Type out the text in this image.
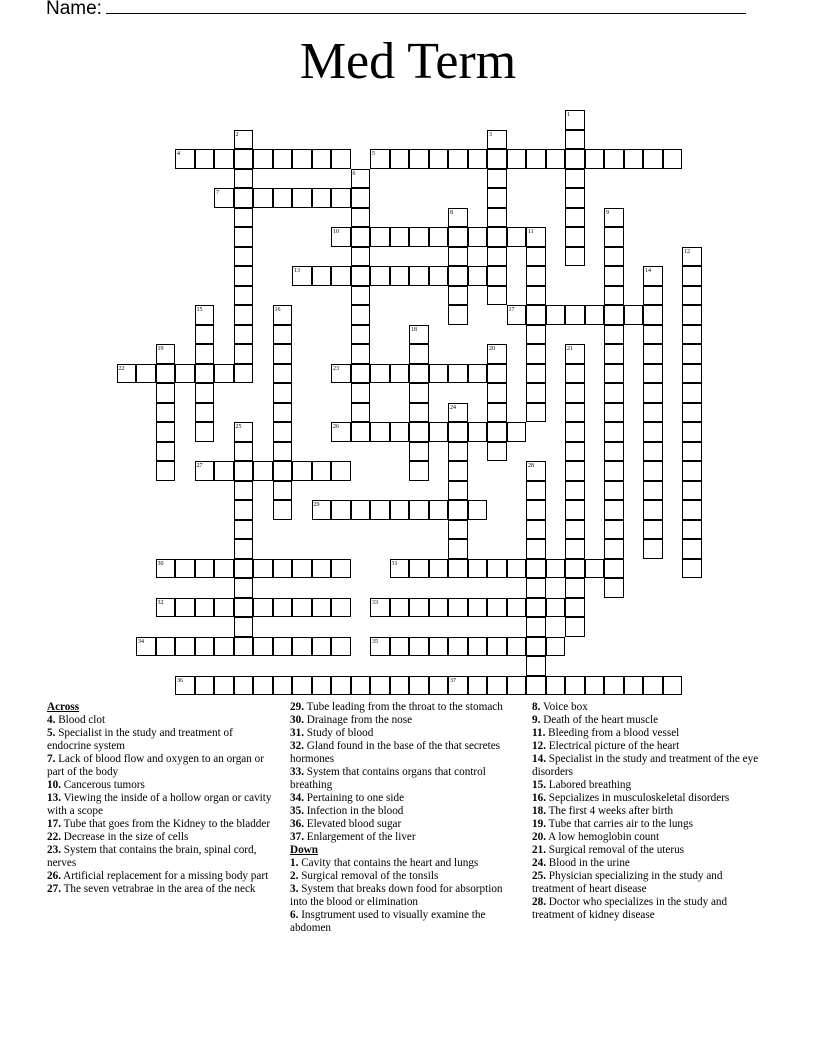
Name:
Med Term
1
2	3
4	5
6
7
8	9
10	11
12
13	14
15	16	17
18
19	20	21
22	23
24
25	26
27	28
29
30	31
32	33
34	35
36	37

Across

4. Blood clot

5. Specialist in the study and treatment of endocrine system

7. Lack of blood flow and oxygen to an organ or part of the body

10. Cancerous tumors

13. Viewing the inside of a hollow organ or cavity with a scope

17. Tube that goes from the Kidney to the bladder

22. Decrease in the size of cells

23. System that contains the brain, spinal cord, nerves

26. Artificial replacement for a missing body part

27. The seven vetrabrae in the area of the neck

29. Tube leading from the throat to the stomach

30. Drainage from the nose

31. Study of blood

32. Gland found in the base of the that secretes hormones

33. System that contains organs that control breathing

34. Pertaining to one side

35. Infection in the blood

36. Elevated blood sugar

37. Enlargement of the liver

Down

1. Cavity that contains the heart and lungs

2. Surgical removal of the tonsils

3. System that breaks down food for absorption into the blood or elimination

6. Insgtrument used to visually examine the abdomen

8. Voice box

9. Death of the heart muscle

11. Bleeding from a blood vessel

12. Electrical picture of the heart

14. Specialist in the study and treatment of the eye disorders

15. Labored breathing

16. Sepcializes in musculoskeletal disorders

18. The first 4 weeks after birth

19. Tube that carries air to the lungs

20. A low hemoglobin count

21. Surgical removal of the uterus

24. Blood in the urine

25. Physician specializing in the study and treatment of heart disease

28. Doctor who specializes in the study and treatment of kidney disease
